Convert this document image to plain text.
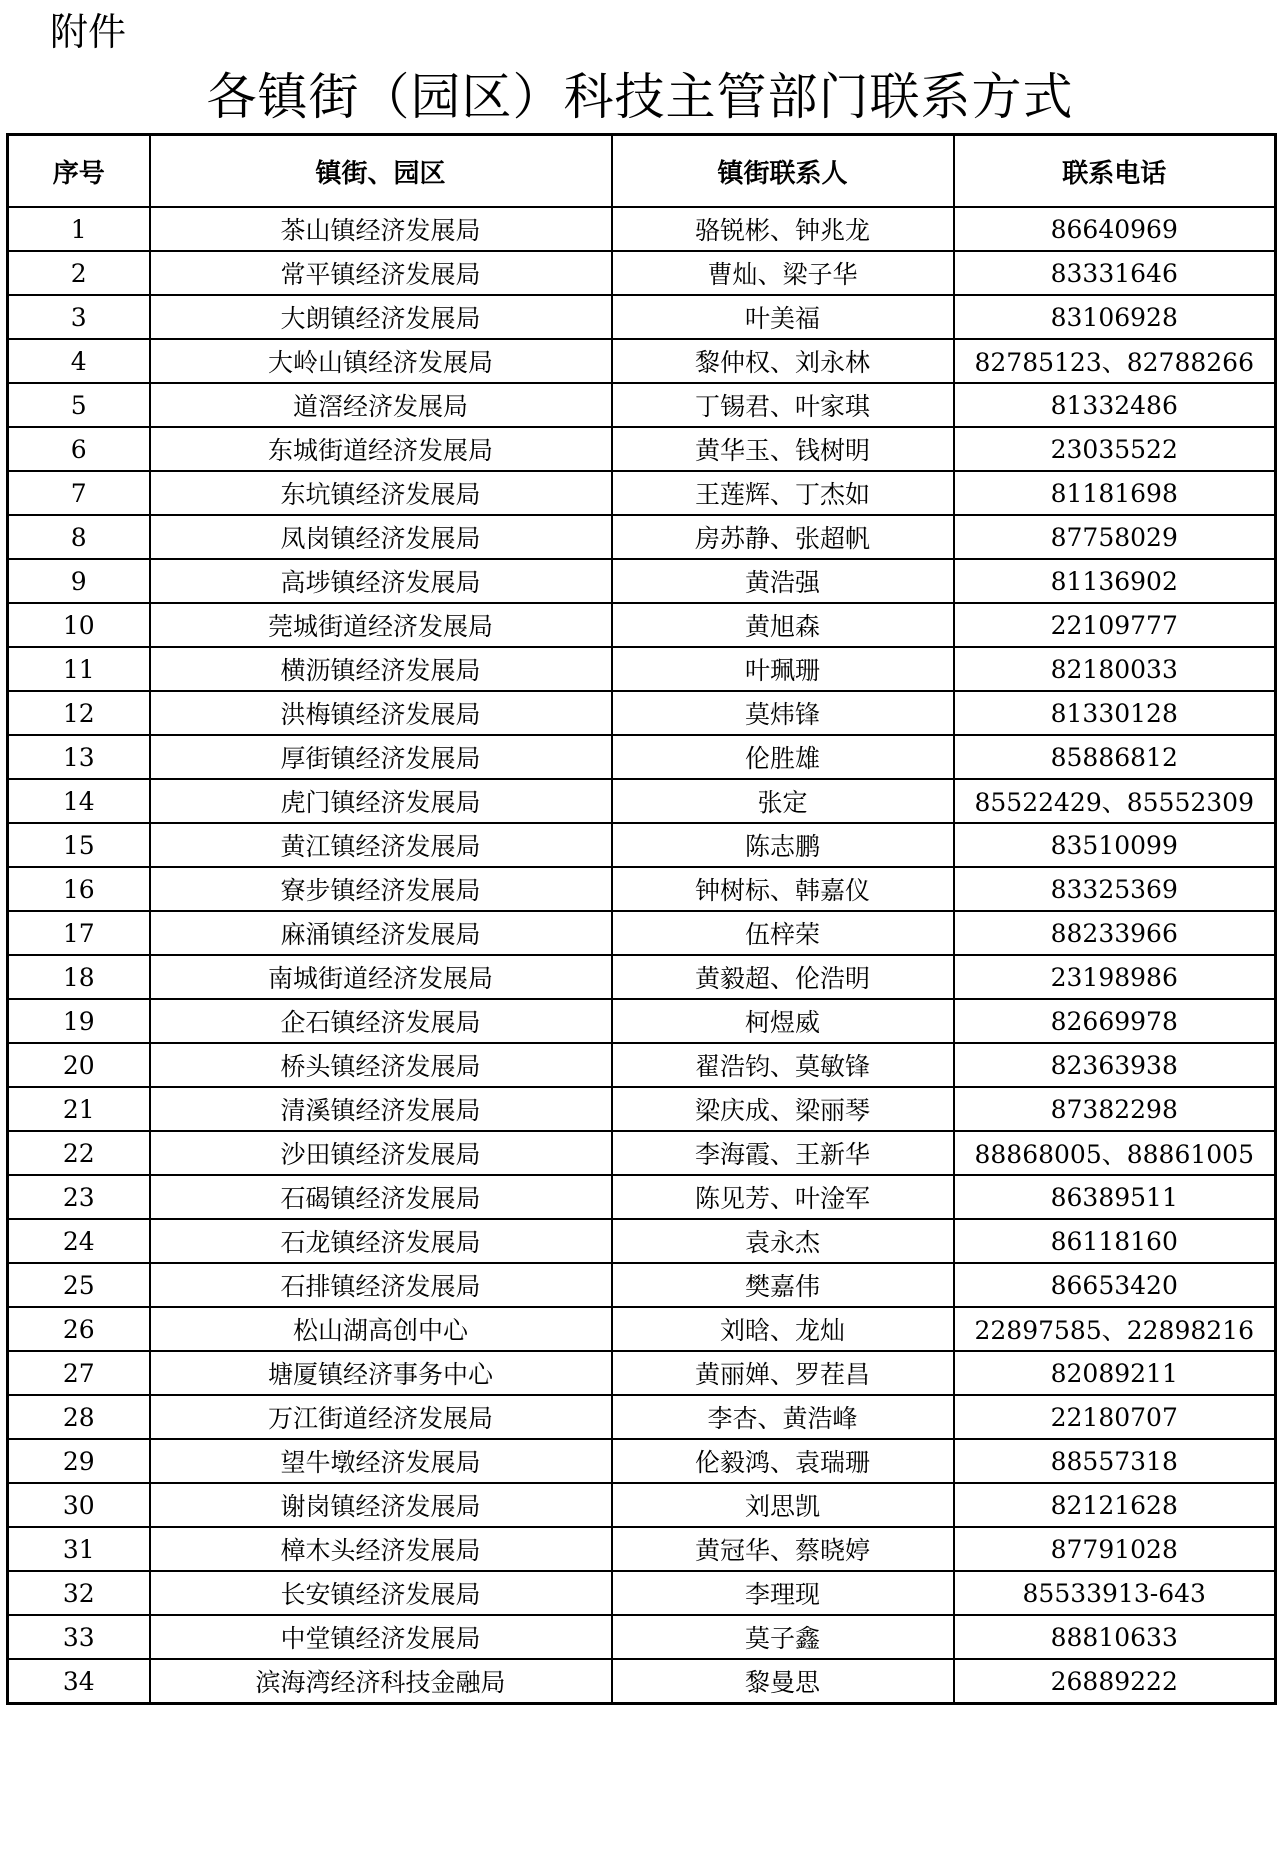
附件
各镇街（园区）科技主管部门联系方式
序号	镇街、园区	镇街联系人	联系电话
1	茶山镇经济发展局	骆锐彬、钟兆龙	86640969
2	常平镇经济发展局	曹灿、梁子华	83331646
3	大朗镇经济发展局	叶美福	83106928
4	大岭山镇经济发展局	黎仲权、刘永林	82785123、82788266
5	道滘经济发展局	丁锡君、叶家琪	81332486
6	东城街道经济发展局	黄华玉、钱树明	23035522
7	东坑镇经济发展局	王莲辉、丁杰如	81181698
8	凤岗镇经济发展局	房苏静、张超帆	87758029
9	高埗镇经济发展局	黄浩强	81136902
10	莞城街道经济发展局	黄旭森	22109777
11	横沥镇经济发展局	叶珮珊	82180033
12	洪梅镇经济发展局	莫炜锋	81330128
13	厚街镇经济发展局	伦胜雄	85886812
14	虎门镇经济发展局	张定	85522429、85552309
15	黄江镇经济发展局	陈志鹏	83510099
16	寮步镇经济发展局	钟树标、韩嘉仪	83325369
17	麻涌镇经济发展局	伍梓荣	88233966
18	南城街道经济发展局	黄毅超、伦浩明	23198986
19	企石镇经济发展局	柯煜威	82669978
20	桥头镇经济发展局	翟浩钧、莫敏锋	82363938
21	清溪镇经济发展局	梁庆成、梁丽琴	87382298
22	沙田镇经济发展局	李海霞、王新华	88868005、88861005
23	石碣镇经济发展局	陈见芳、叶淦军	86389511
24	石龙镇经济发展局	袁永杰	86118160
25	石排镇经济发展局	樊嘉伟	86653420
26	松山湖高创中心	刘晗、龙灿	22897585、22898216
27	塘厦镇经济事务中心	黄丽婵、罗茬昌	82089211
28	万江街道经济发展局	李杏、黄浩峰	22180707
29	望牛墩经济发展局	伦毅鸿、袁瑞珊	88557318
30	谢岗镇经济发展局	刘思凯	82121628
31	樟木头经济发展局	黄冠华、蔡晓婷	87791028
32	长安镇经济发展局	李理现	85533913-643
33	中堂镇经济发展局	莫子鑫	88810633
34	滨海湾经济科技金融局	黎曼思	26889222
